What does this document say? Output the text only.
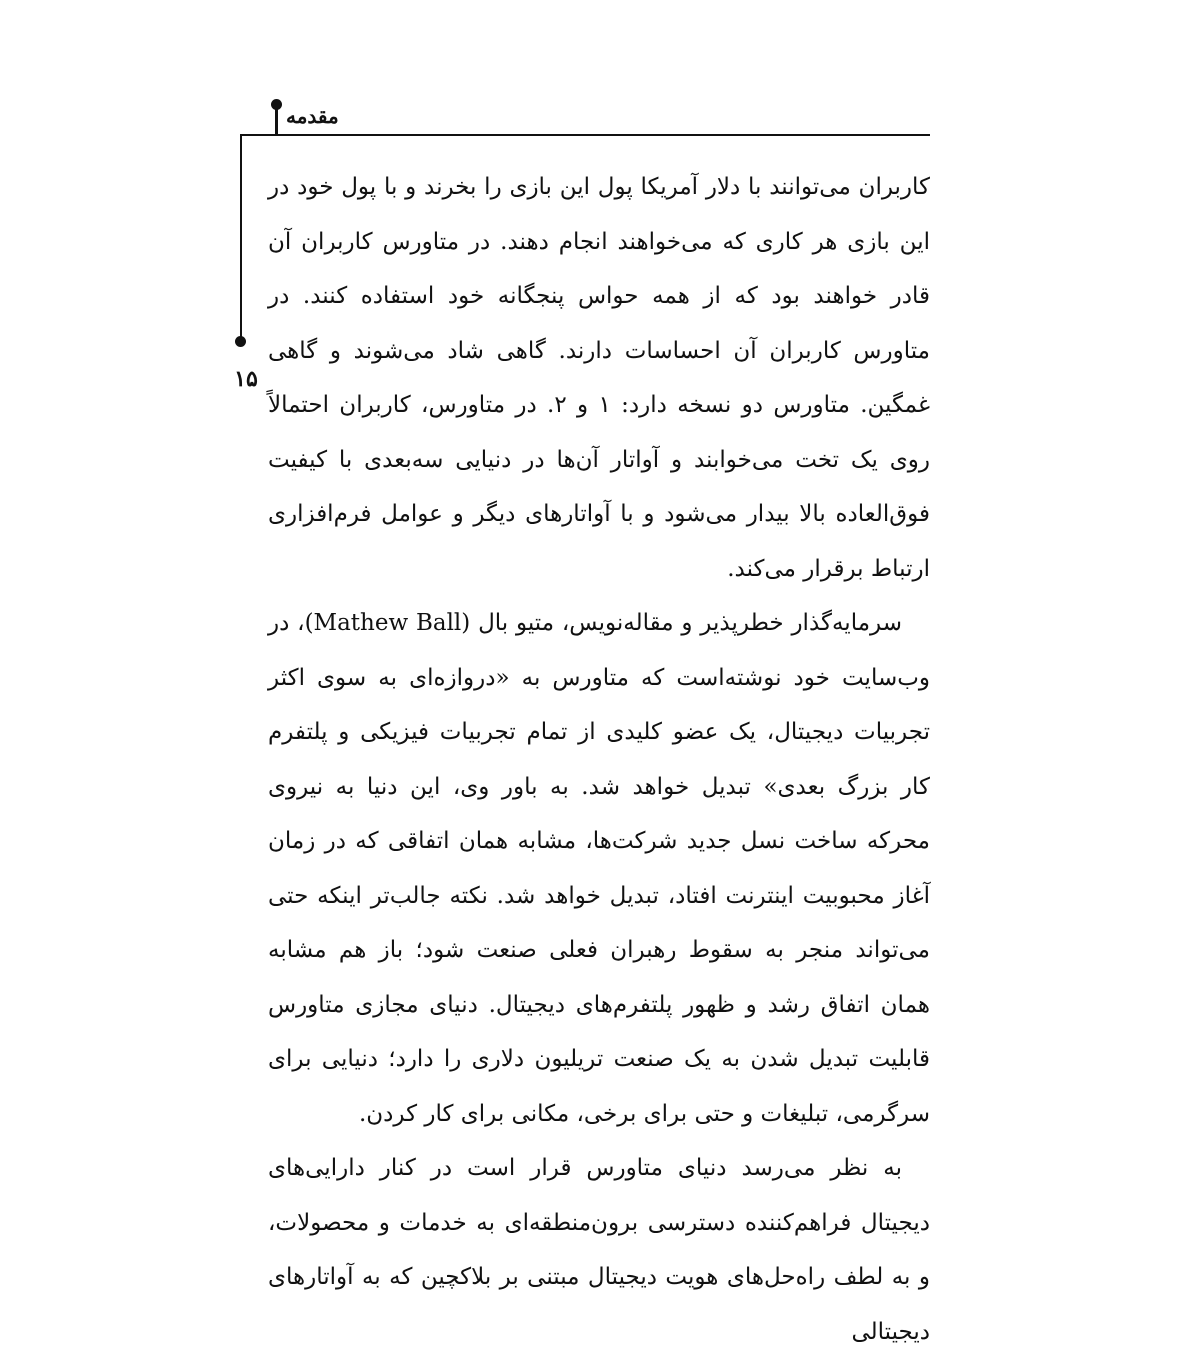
مقدمه
۱۵

کاربران می‌توانند با دلار آمریکا پول این بازی را بخرند و با پول خود در این بازی هر کاری که می‌خواهند انجام دهند. در متاورس کاربران آن قادر خواهند بود که از همه حواس پنجگانه خود استفاده کنند. در متاورس کاربران آن احساسات دارند. گاهی شاد می‌شوند و گاهی غمگین. متاورس دو نسخه دارد: ۱ و ۲. در متاورس، کاربران احتمالاً روی یک تخت می‌خوابند و آواتار آن‌ها در دنیایی سه‌بعدی با کیفیت فوق‌العاده بالا بیدار می‌شود و با آواتارهای دیگر و عوامل فرم‌افزاری ارتباط برقرار می‌کند.

سرمایه‌گذار خطرپذیر و مقاله‌نویس، متیو بال (Mathew Ball)، در وب‌سایت خود نوشته‌است که متاورس به «دروازه‌ای به سوی اکثر تجربیات دیجیتال، یک عضو کلیدی از تمام تجربیات فیزیکی و پلتفرم کار بزرگ بعدی» تبدیل خواهد شد. به باور وی، این دنیا به نیروی محرکه ساخت نسل جدید شرکت‌ها، مشابه همان اتفاقی که در زمان آغاز محبوبیت اینترنت افتاد، تبدیل خواهد شد. نکته جالب‌تر اینکه حتی می‌تواند منجر به سقوط رهبران فعلی صنعت شود؛ باز هم مشابه همان اتفاق رشد و ظهور پلتفرم‌های دیجیتال. دنیای مجازی متاورس قابلیت تبدیل شدن به یک صنعت تریلیون دلاری را دارد؛ دنیایی برای سرگرمی، تبلیغات و حتی برای برخی، مکانی برای کار کردن.

به نظر می‌رسد دنیای متاورس قرار است در کنار دارایی‌های دیجیتال فراهم‌کننده دسترسی برون‌منطقه‌ای به خدمات و محصولات، و به لطف راه‌حل‌های هویت دیجیتال مبتنی بر بلاکچین که به آواتارهای دیجیتالی
